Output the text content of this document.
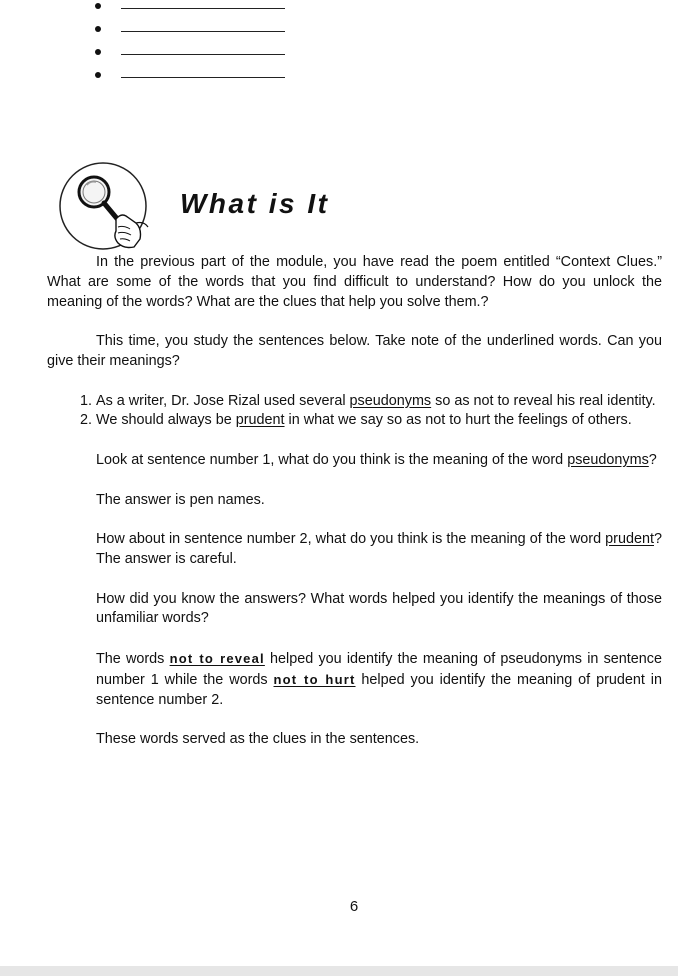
What is It

In the previous part of the module, you have read the poem entitled “Context Clues.” What are some of the words that you find difficult to understand? How do you unlock the meaning of the words? What are the clues that help you solve them.?

This time, you study the sentences below. Take note of the underlined words. Can you give their meanings?

1. As a writer, Dr. Jose Rizal used several pseudonyms so as not to reveal his real identity.
2. We should always be prudent in what we say so as not to hurt the feelings of others.

Look at sentence number 1, what do you think is the meaning of the word pseudonyms?

The answer is pen names.

How about in sentence number 2, what do you think is the meaning of the word prudent? The answer is careful.

How did you know the answers? What words helped you identify the meanings of those unfamiliar words?

The words not to reveal helped you identify the meaning of pseudonyms in sentence number 1 while the words not to hurt helped you identify the meaning of prudent in sentence number 2.

These words served as the clues in the sentences.

6
